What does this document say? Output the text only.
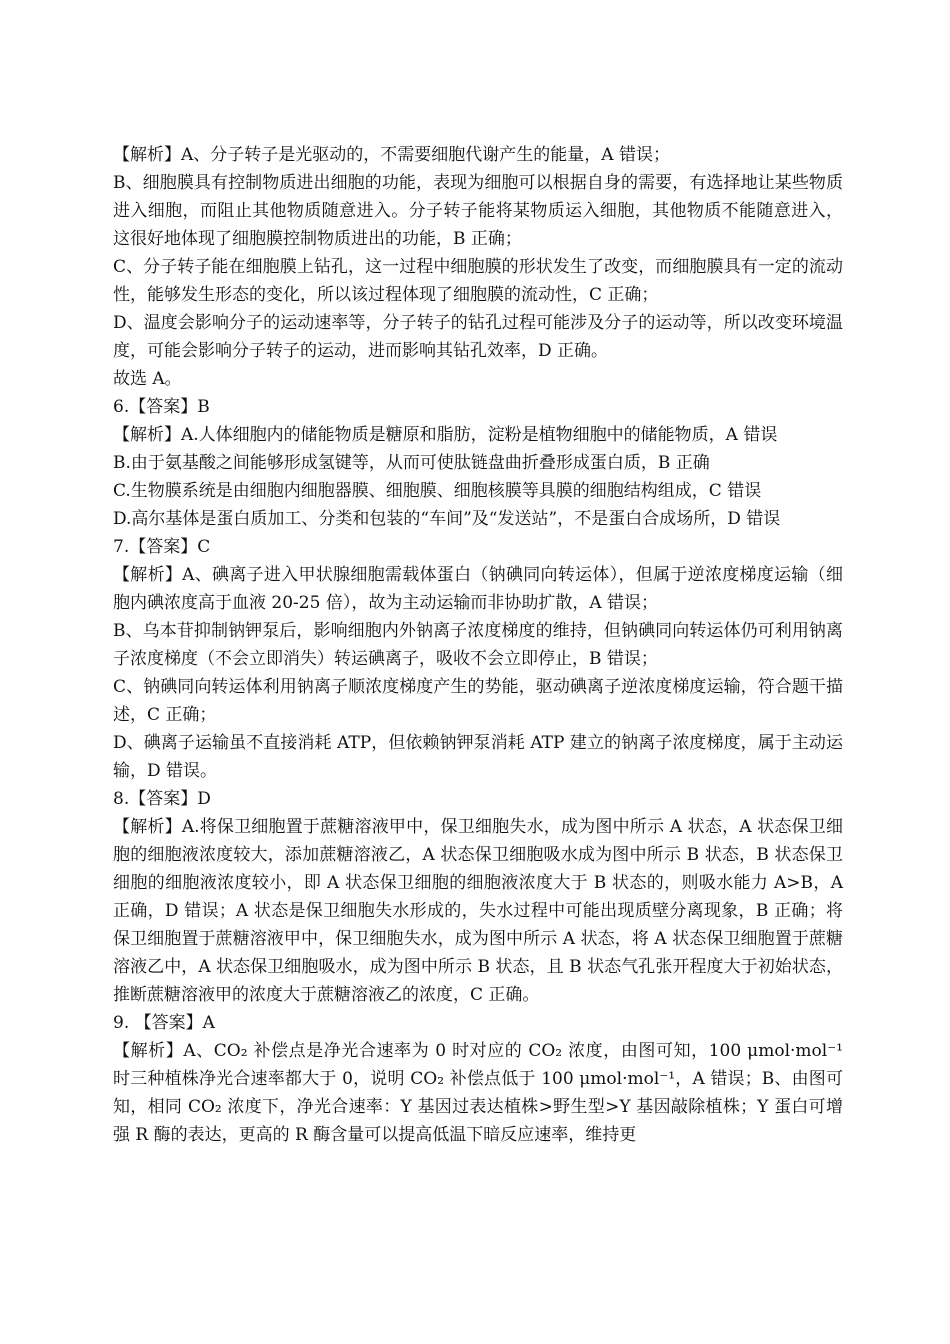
【解析】A、分子转子是光驱动的，不需要细胞代谢产生的能量，A 错误；

B、细胞膜具有控制物质进出细胞的功能，表现为细胞可以根据自身的需要，有选择地让某些物质进入细胞，而阻止其他物质随意进入。分子转子能将某物质运入细胞，其他物质不能随意进入，这很好地体现了细胞膜控制物质进出的功能，B 正确；

C、分子转子能在细胞膜上钻孔，这一过程中细胞膜的形状发生了改变，而细胞膜具有一定的流动性，能够发生形态的变化，所以该过程体现了细胞膜的流动性，C 正确；

D、温度会影响分子的运动速率等，分子转子的钻孔过程可能涉及分子的运动等，所以改变环境温度，可能会影响分子转子的运动，进而影响其钻孔效率，D 正确。

故选 A。

6.【答案】B

【解析】A.人体细胞内的储能物质是糖原和脂肪，淀粉是植物细胞中的储能物质，A 错误

B.由于氨基酸之间能够形成氢键等，从而可使肽链盘曲折叠形成蛋白质，B 正确

C.生物膜系统是由细胞内细胞器膜、细胞膜、细胞核膜等具膜的细胞结构组成，C 错误

D.高尔基体是蛋白质加工、分类和包装的“车间”及“发送站”，不是蛋白合成场所，D 错误

7.【答案】C

【解析】A、碘离子进入甲状腺细胞需载体蛋白（钠碘同向转运体），但属于逆浓度梯度运输（细胞内碘浓度高于血液 20-25 倍），故为主动运输而非协助扩散，A 错误；

B、乌本苷抑制钠钾泵后，影响细胞内外钠离子浓度梯度的维持，但钠碘同向转运体仍可利用钠离子浓度梯度（不会立即消失）转运碘离子，吸收不会立即停止，B 错误；

C、钠碘同向转运体利用钠离子顺浓度梯度产生的势能，驱动碘离子逆浓度梯度运输，符合题干描述，C 正确；

D、碘离子运输虽不直接消耗 ATP，但依赖钠钾泵消耗 ATP 建立的钠离子浓度梯度，属于主动运输，D 错误。

8.【答案】D

【解析】A.将保卫细胞置于蔗糖溶液甲中，保卫细胞失水，成为图中所示 A 状态，A 状态保卫细胞的细胞液浓度较大，添加蔗糖溶液乙，A 状态保卫细胞吸水成为图中所示 B 状态，B 状态保卫细胞的细胞液浓度较小，即 A 状态保卫细胞的细胞液浓度大于 B 状态的，则吸水能力 A>B，A 正确，D 错误；A 状态是保卫细胞失水形成的，失水过程中可能出现质壁分离现象，B 正确；将保卫细胞置于蔗糖溶液甲中，保卫细胞失水，成为图中所示 A 状态，将 A 状态保卫细胞置于蔗糖溶液乙中，A 状态保卫细胞吸水，成为图中所示 B 状态，且 B 状态气孔张开程度大于初始状态，推断蔗糖溶液甲的浓度大于蔗糖溶液乙的浓度，C 正确。

9. 【答案】A

【解析】A、CO₂ 补偿点是净光合速率为 0 时对应的 CO₂ 浓度，由图可知，100 μmol·mol⁻¹ 时三种植株净光合速率都大于 0，说明 CO₂ 补偿点低于 100 μmol·mol⁻¹，A 错误；B、由图可知，相同 CO₂ 浓度下，净光合速率：Y 基因过表达植株>野生型>Y 基因敲除植株；Y 蛋白可增强 R 酶的表达，更高的 R 酶含量可以提高低温下暗反应速率，维持更
